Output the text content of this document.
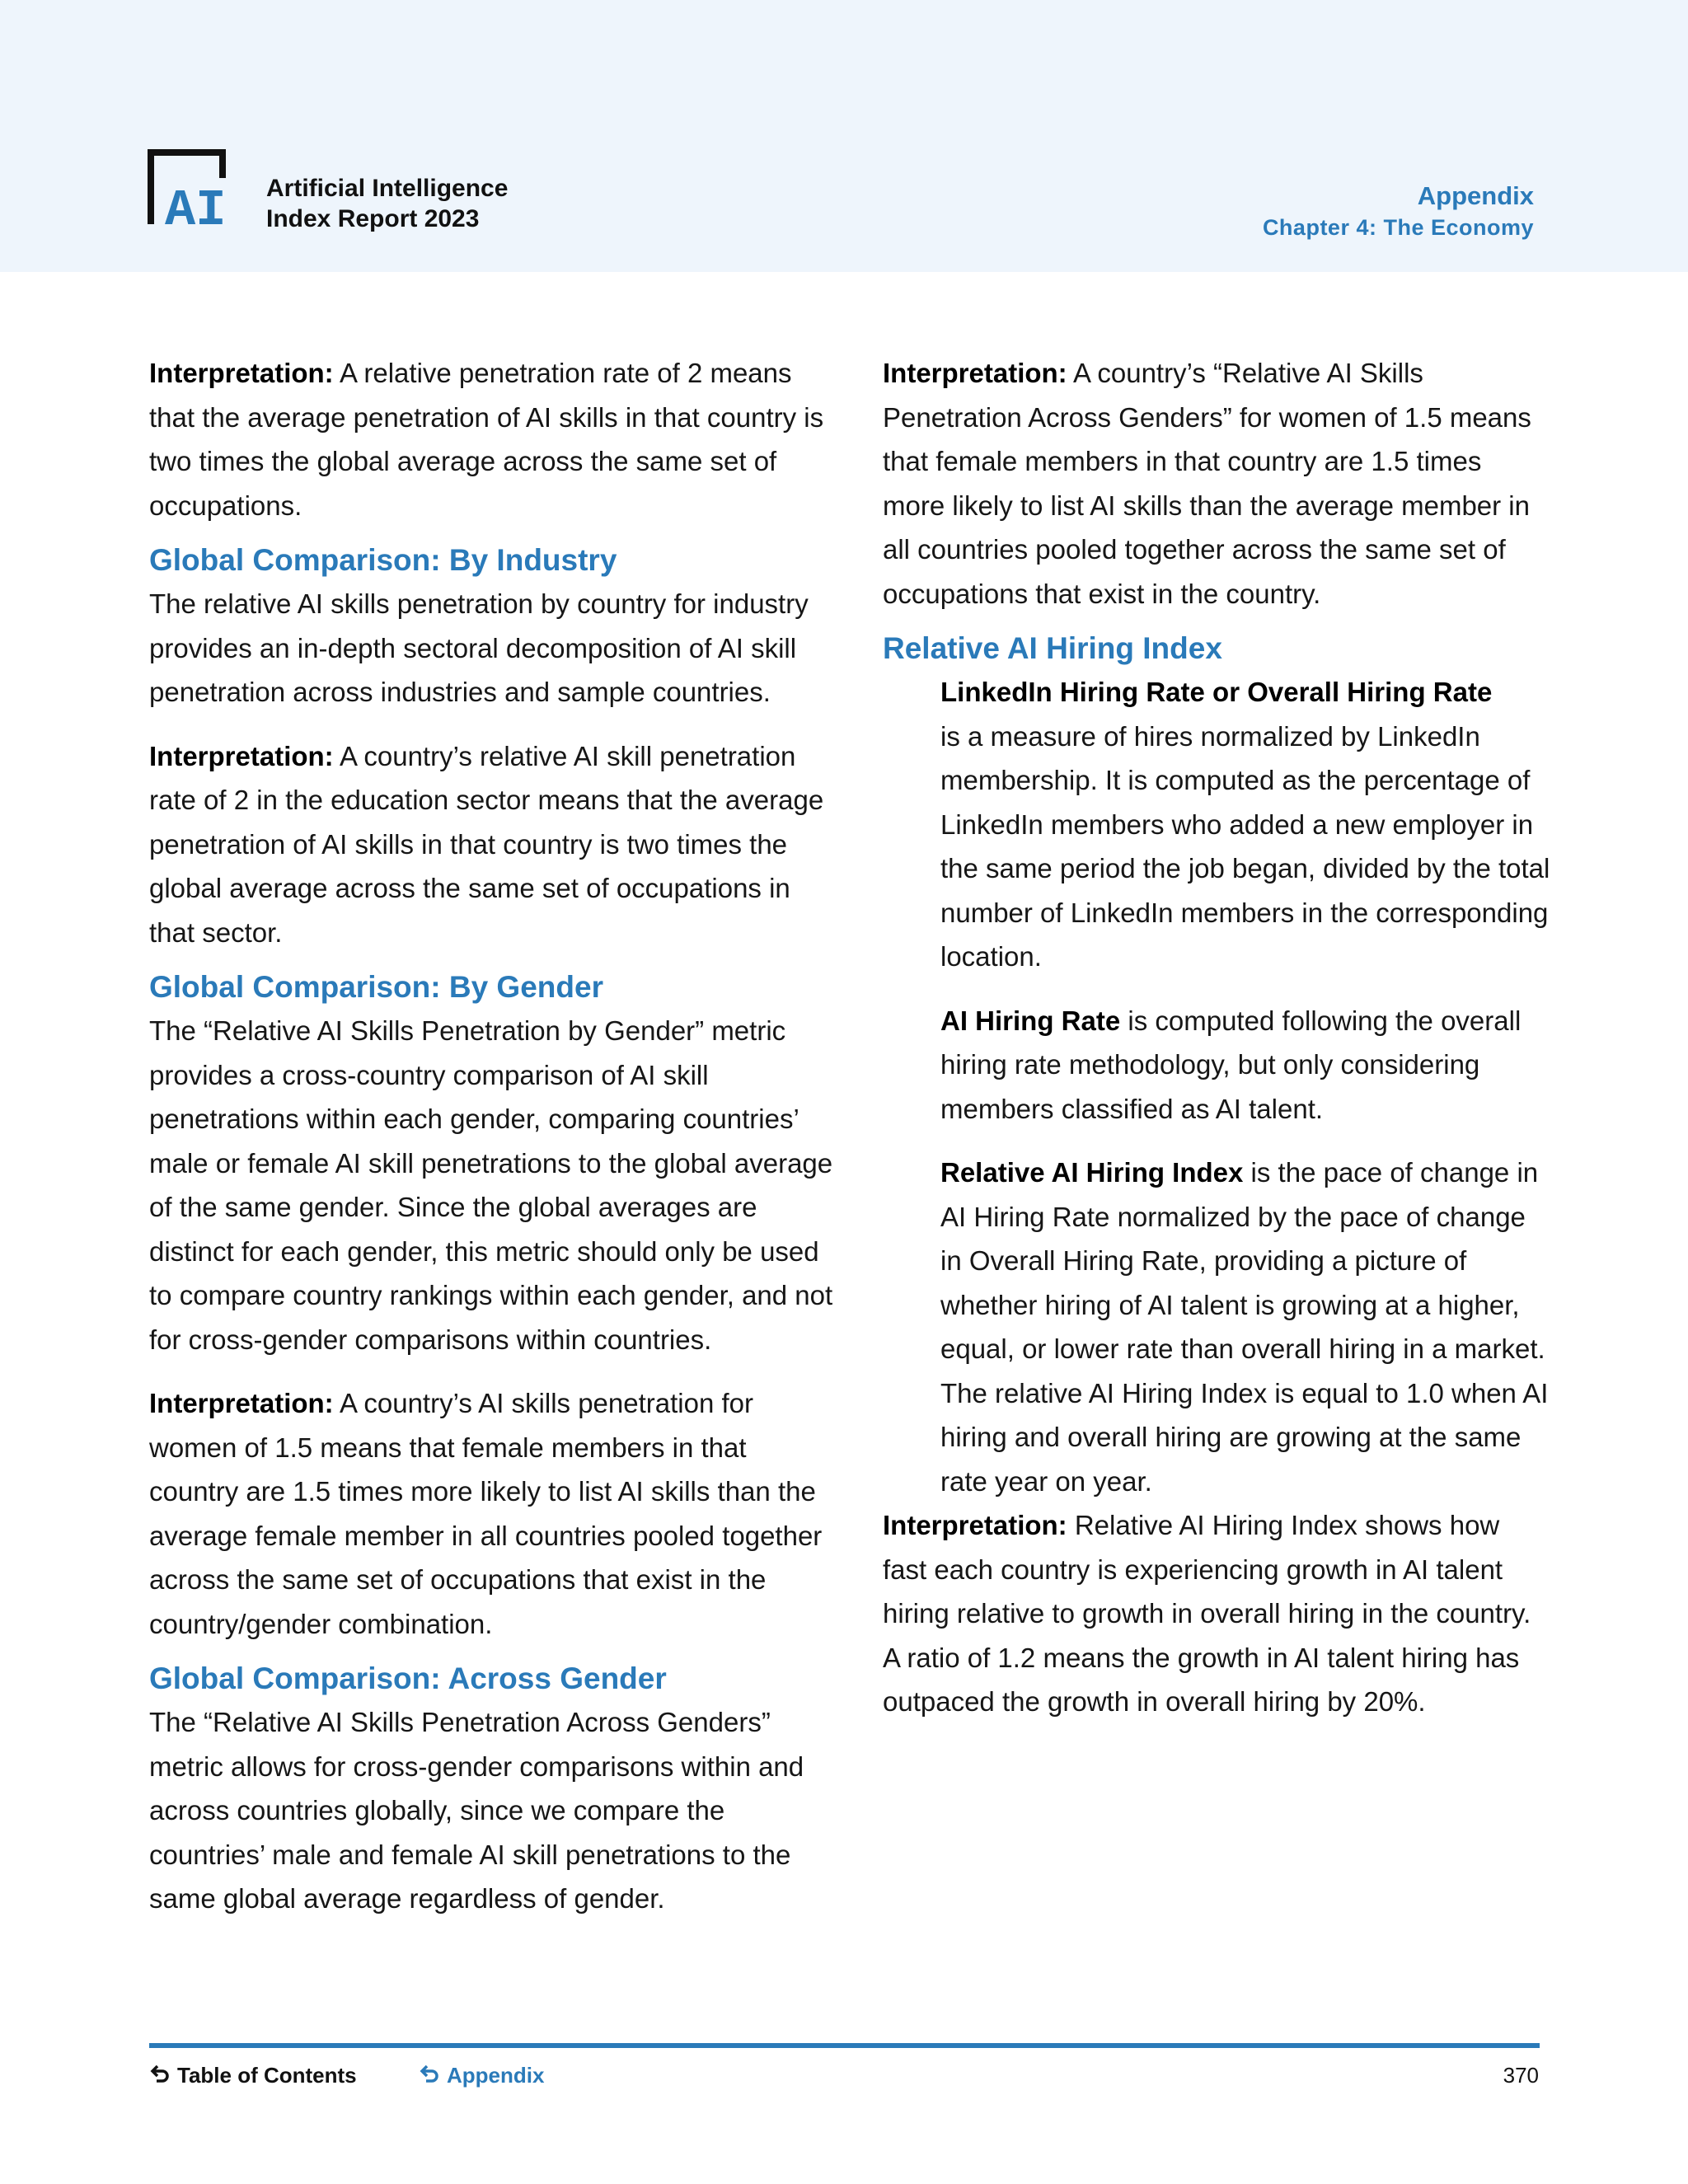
AI Artificial Intelligence
Index Report 2023
Appendix
Chapter 4: The Economy

Interpretation: A relative penetration rate of 2 means that the average penetration of AI skills in that country is two times the global average across the same set of occupations.

Global Comparison: By Industry

The relative AI skills penetration by country for industry provides an in-depth sectoral decomposition of AI skill penetration across industries and sample countries.

Interpretation: A country’s relative AI skill penetration rate of 2 in the education sector means that the average penetration of AI skills in that country is two times the global average across the same set of occupations in that sector.

Global Comparison: By Gender

The “Relative AI Skills Penetration by Gender” metric provides a cross-country comparison of AI skill penetrations within each gender, comparing countries’ male or female AI skill penetrations to the global average of the same gender. Since the global averages are distinct for each gender, this metric should only be used to compare country rankings within each gender, and not for cross-gender comparisons within countries.

Interpretation: A country’s AI skills penetration for women of 1.5 means that female members in that country are 1.5 times more likely to list AI skills than the average female member in all countries pooled together across the same set of occupations that exist in the country/gender combination.

Global Comparison: Across Gender

The “Relative AI Skills Penetration Across Genders” metric allows for cross-gender comparisons within and across countries globally, since we compare the countries’ male and female AI skill penetrations to the same global average regardless of gender.

Interpretation: A country’s “Relative AI Skills Penetration Across Genders” for women of 1.5 means that female members in that country are 1.5 times more likely to list AI skills than the average member in all countries pooled together across the same set of occupations that exist in the country.

Relative AI Hiring Index

LinkedIn Hiring Rate or Overall Hiring Rate
is a measure of hires normalized by LinkedIn membership. It is computed as the percentage of LinkedIn members who added a new employer in the same period the job began, divided by the total number of LinkedIn members in the corresponding location.

AI Hiring Rate is computed following the overall hiring rate methodology, but only considering members classified as AI talent.

Relative AI Hiring Index is the pace of change in AI Hiring Rate normalized by the pace of change in Overall Hiring Rate, providing a picture of whether hiring of AI talent is growing at a higher, equal, or lower rate than overall hiring in a market. The relative AI Hiring Index is equal to 1.0 when AI hiring and overall hiring are growing at the same rate year on year.

Interpretation: Relative AI Hiring Index shows how fast each country is experiencing growth in AI talent hiring relative to growth in overall hiring in the country. A ratio of 1.2 means the growth in AI talent hiring has outpaced the growth in overall hiring by 20%.

Table of Contents	Appendix	370
